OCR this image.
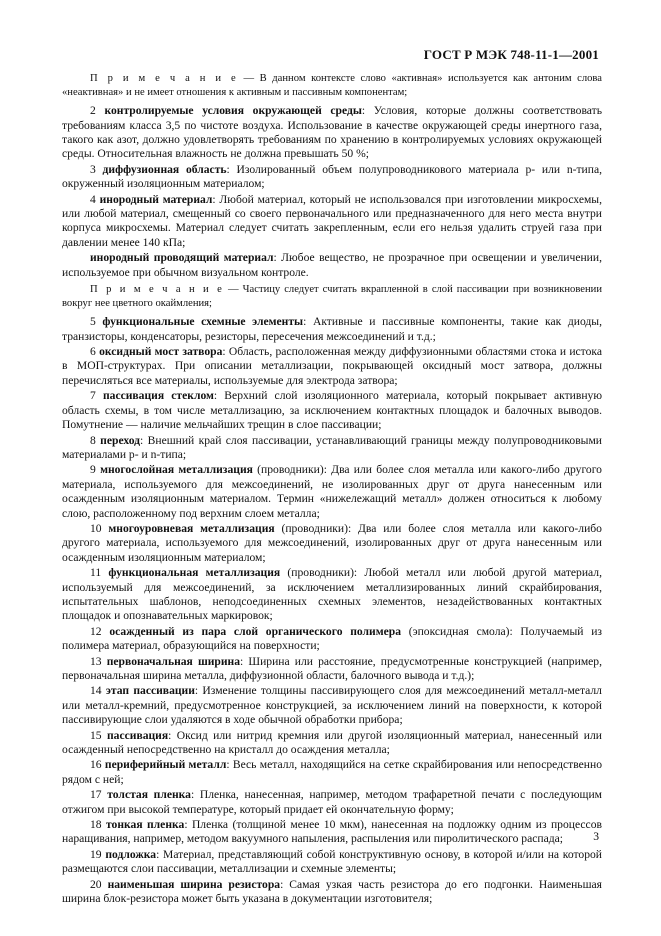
ГОСТ Р МЭК 748-11-1—2001

П р и м е ч а н и е — В данном контексте слово «активная» используется как антоним слова «неактивная» и не имеет отношения к активным и пассивным компонентам;

2 контролируемые условия окружающей среды: Условия, которые должны соответствовать требованиям класса 3,5 по чистоте воздуха. Использование в качестве окружающей среды инертного газа, такого как азот, должно удовлетворять требованиям по хранению в контролируемых условиях окружающей среды. Относительная влажность не должна превышать 50 %;

3 диффузионная область: Изолированный объем полупроводникового материала p- или n-типа, окруженный изоляционным материалом;

4 инородный материал: Любой материал, который не использовался при изготовлении микросхемы, или любой материал, смещенный со своего первоначального или предназначенного для него места внутри корпуса микросхемы. Материал следует считать закрепленным, если его нельзя удалить струей газа при давлении менее 140 кПа;

инородный проводящий материал: Любое вещество, не прозрачное при освещении и увеличении, используемое при обычном визуальном контроле.

П р и м е ч а н и е — Частицу следует считать вкрапленной в слой пассивации при возникновении вокруг нее цветного окаймления;

5 функциональные схемные элементы: Активные и пассивные компоненты, такие как диоды, транзисторы, конденсаторы, резисторы, пересечения межсоединений и т.д.;

6 оксидный мост затвора: Область, расположенная между диффузионными областями стока и истока в МОП-структурах. При описании металлизации, покрывающей оксидный мост затвора, должны перечисляться все материалы, используемые для электрода затвора;

7 пассивация стеклом: Верхний слой изоляционного материала, который покрывает активную область схемы, в том числе металлизацию, за исключением контактных площадок и балочных выводов. Помутнение — наличие мельчайших трещин в слое пассивации;

8 переход: Внешний край слоя пассивации, устанавливающий границы между полупроводниковыми материалами р- и n-типа;

9 многослойная металлизация (проводники): Два или более слоя металла или какого-либо другого материала, используемого для межсоединений, не изолированных друг от друга нанесенным или осажденным изоляционным материалом. Термин «нижележащий металл» должен относиться к любому слою, расположенному под верхним слоем металла;

10 многоуровневая металлизация (проводники): Два или более слоя металла или какого-либо другого материала, используемого для межсоединений, изолированных друг от друга нанесенным или осажденным изоляционным материалом;

11 функциональная металлизация (проводники): Любой металл или любой другой материал, используемый для межсоединений, за исключением металлизированных линий скрайбирования, испытательных шаблонов, неподсоединенных схемных элементов, незадействованных контактных площадок и опознавательных маркировок;

12 осажденный из пара слой органического полимера (эпоксидная смола): Получаемый из полимера материал, образующийся на поверхности;

13 первоначальная ширина: Ширина или расстояние, предусмотренные конструкцией (например, первоначальная ширина металла, диффузионной области, балочного вывода и т.д.);

14 этап пассивации: Изменение толщины пассивирующего слоя для межсоединений металл-металл или металл-кремний, предусмотренное конструкцией, за исключением линий на поверхности, к которой пассивирующие слои удаляются в ходе обычной обработки прибора;

15 пассивация: Оксид или нитрид кремния или другой изоляционный материал, нанесенный или осажденный непосредственно на кристалл до осаждения металла;

16 периферийный металл: Весь металл, находящийся на сетке скрайбирования или непосредственно рядом с ней;

17 толстая пленка: Пленка, нанесенная, например, методом трафаретной печати с последующим отжигом при высокой температуре, который придает ей окончательную форму;

18 тонкая пленка: Пленка (толщиной менее 10 мкм), нанесенная на подложку одним из процессов наращивания, например, методом вакуумного напыления, распыления или пиролитического распада;

19 подложка: Материал, представляющий собой конструктивную основу, в которой и/или на которой размещаются слои пассивации, металлизации и схемные элементы;

20 наименьшая ширина резистора: Самая узкая часть резистора до его подгонки. Наименьшая ширина блок-резистора может быть указана в документации изготовителя;

3
